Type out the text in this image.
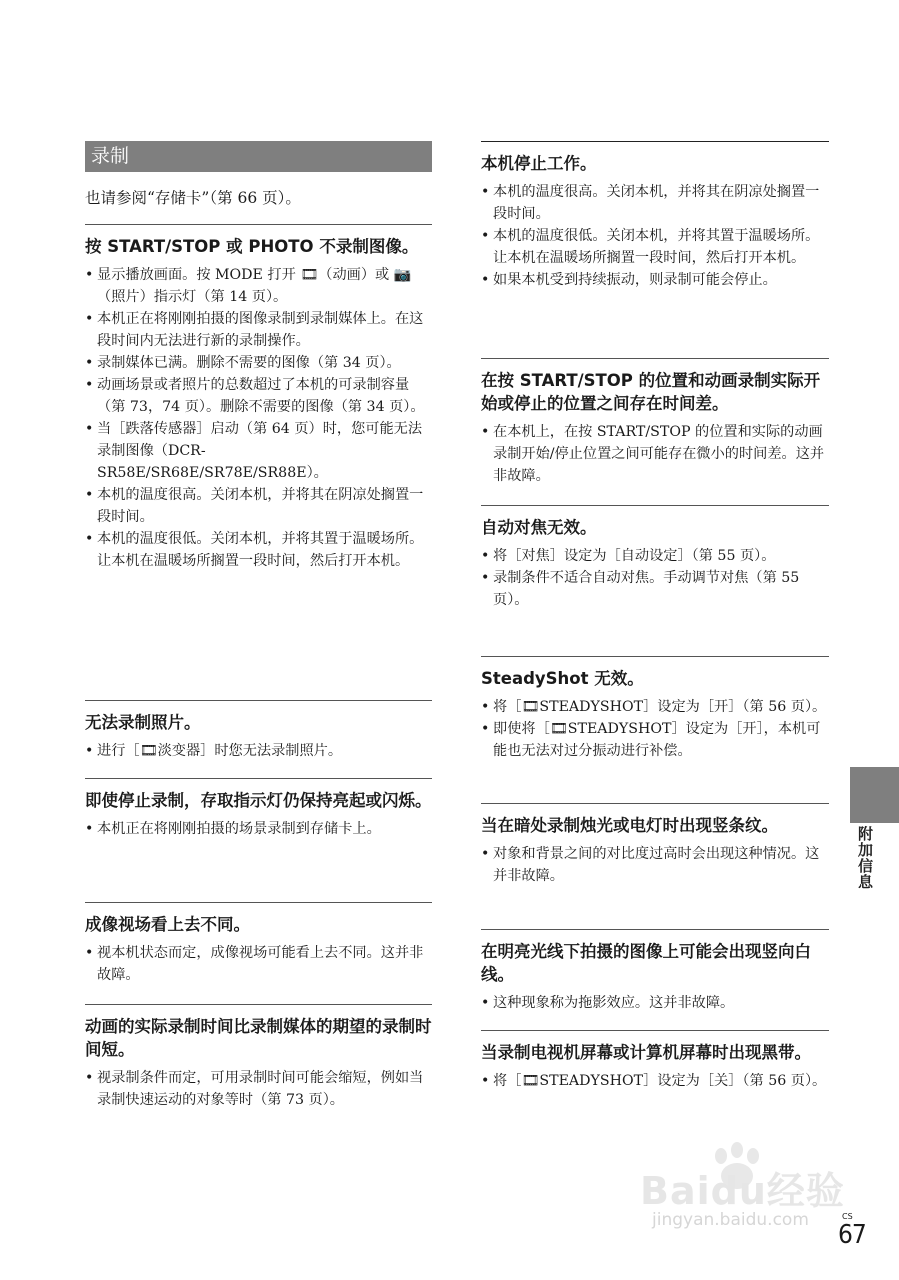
录制
也请参阅“存储卡”（第 66 页）。
按 START/STOP 或 PHOTO 不录制图像。
• 显示播放画面。按 MODE 打开 🎞（动画）或 📷（照片）指示灯（第 14 页）。
• 本机正在将刚刚拍摄的图像录制到录制媒体上。在这段时间内无法进行新的录制操作。
• 录制媒体已满。删除不需要的图像（第 34 页）。
• 动画场景或者照片的总数超过了本机的可录制容量（第 73，74 页）。删除不需要的图像（第 34 页）。
• 当［跌落传感器］启动（第 64 页）时，您可能无法录制图像（DCR-SR58E/SR68E/SR78E/SR88E）。
• 本机的温度很高。关闭本机，并将其在阴凉处搁置一段时间。
• 本机的温度很低。关闭本机，并将其置于温暖场所。让本机在温暖场所搁置一段时间，然后打开本机。
无法录制照片。
• 进行［🎞淡变器］时您无法录制照片。
即使停止录制，存取指示灯仍保持亮起或闪烁。
• 本机正在将刚刚拍摄的场景录制到存储卡上。
成像视场看上去不同。
• 视本机状态而定，成像视场可能看上去不同。这并非故障。
动画的实际录制时间比录制媒体的期望的录制时间短。
• 视录制条件而定，可用录制时间可能会缩短，例如当录制快速运动的对象等时（第 73 页）。
本机停止工作。
• 本机的温度很高。关闭本机，并将其在阴凉处搁置一段时间。
• 本机的温度很低。关闭本机，并将其置于温暖场所。让本机在温暖场所搁置一段时间，然后打开本机。
• 如果本机受到持续振动，则录制可能会停止。
在按 START/STOP 的位置和动画录制实际开始或停止的位置之间存在时间差。
• 在本机上，在按 START/STOP 的位置和实际的动画录制开始/停止位置之间可能存在微小的时间差。这并非故障。
自动对焦无效。
• 将［对焦］设定为［自动设定］（第 55 页）。
• 录制条件不适合自动对焦。手动调节对焦（第 55 页）。
SteadyShot 无效。
• 将［🎞STEADYSHOT］设定为［开］（第 56 页）。
• 即使将［🎞STEADYSHOT］设定为［开］，本机可能也无法对过分振动进行补偿。
当在暗处录制烛光或电灯时出现竖条纹。
• 对象和背景之间的对比度过高时会出现这种情况。这并非故障。
在明亮光线下拍摄的图像上可能会出现竖向白线。
• 这种现象称为拖影效应。这并非故障。
当录制电视机屏幕或计算机屏幕时出现黑带。
• 将［🎞STEADYSHOT］设定为［关］（第 56 页）。
附加信息
Baidu经验
jingyan.baidu.com	CS
67
